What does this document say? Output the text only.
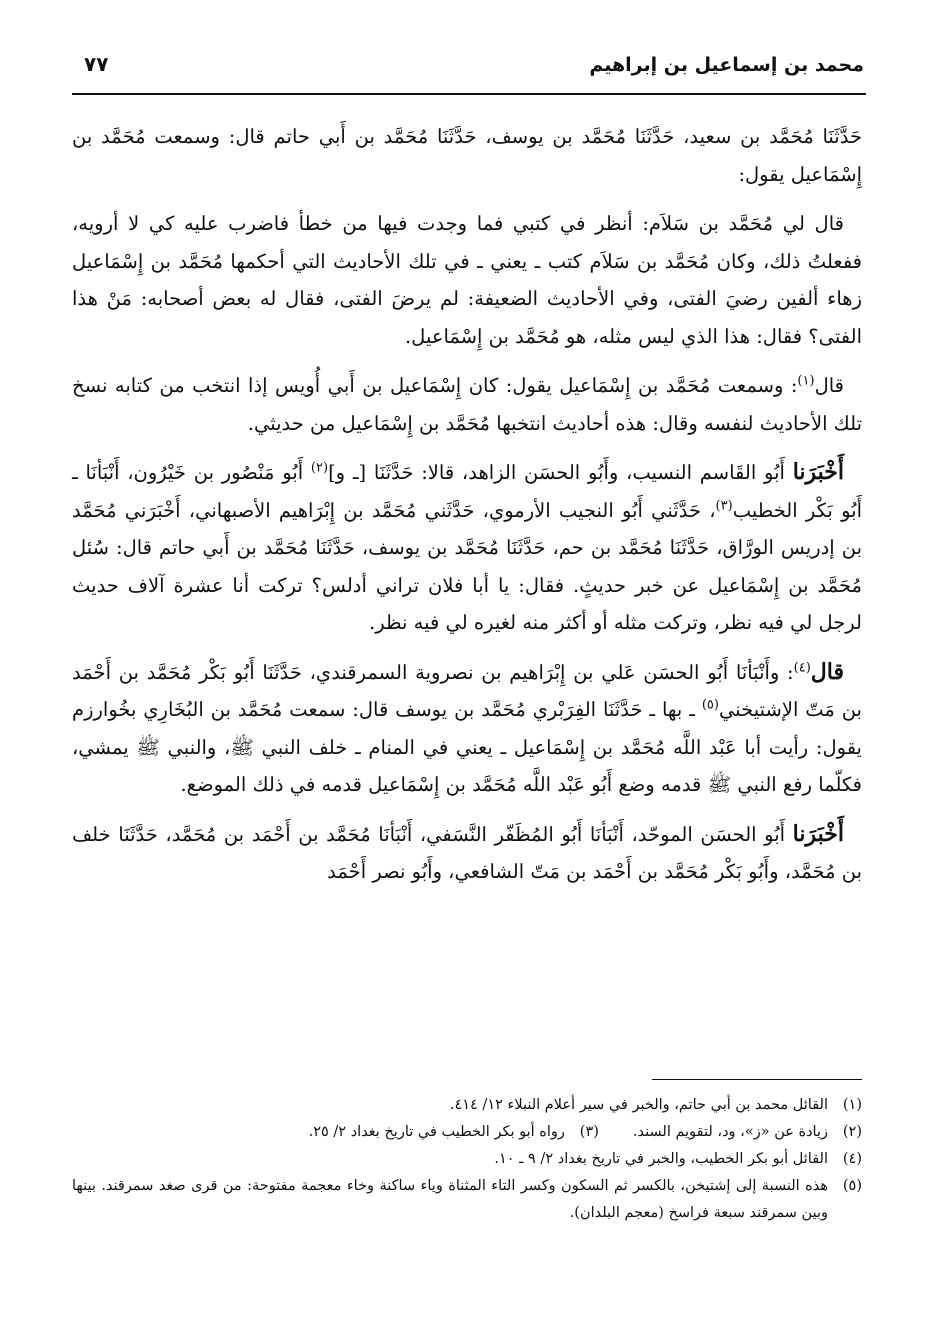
محمد بن إسماعيل بن إبراهيم
٧٧

حَدَّثَنَا مُحَمَّد بن سعيد، حَدَّثَنَا مُحَمَّد بن يوسف، حَدَّثَنَا مُحَمَّد بن أَبي حاتم قال: وسمعت مُحَمَّد بن إِسْمَاعيل يقول:

قال لي مُحَمَّد بن سَلاَم: أنظر في كتبي فما وجدت فيها من خطأ فاضرب عليه كي لا أرويه، ففعلتُ ذلك، وكان مُحَمَّد بن سَلاَم كتب ـ يعني ـ في تلك الأحاديث التي أحكمها مُحَمَّد بن إِسْمَاعيل زهاء ألفين رضيَ الفتى، وفي الأحاديث الضعيفة: لم يرضَ الفتى، فقال له بعض أصحابه: مَنْ هذا الفتى؟ فقال: هذا الذي ليس مثله، هو مُحَمَّد بن إِسْمَاعيل.

قال$^{(١)}$: وسمعت مُحَمَّد بن إِسْمَاعيل يقول: كان إِسْمَاعيل بن أَبي أُويس إذا انتخب من كتابه نسخ تلك الأحاديث لنفسه وقال: هذه أحاديث انتخبها مُحَمَّد بن إِسْمَاعيل من حديثي.

أَخْبَرَنا أَبُو القَاسم النسيب، وأَبُو الحسَن الزاهد، قالا: حَدَّثَنَا [ـ و]$^{(٢)}$ أَبُو مَنْصُور بن خَيْرُون، أَنْبَأنَا ـ أَبُو بَكْر الخطيب$^{(٣)}$، حَدَّثَني أَبُو النجيب الأرموي، حَدَّثَني مُحَمَّد بن إِبْرَاهيم الأصبهاني، أَخْبَرَني مُحَمَّد بن إدريس الورَّاق، حَدَّثَنَا مُحَمَّد بن حم، حَدَّثَنَا مُحَمَّد بن يوسف، حَدَّثَنَا مُحَمَّد بن أَبي حاتم قال: سُئل مُحَمَّد بن إِسْمَاعيل عن خبر حديثٍ. فقال: يا أبا فلان تراني أدلس؟ تركت أنا عشرة آلاف حديث لرجل لي فيه نظر، وتركت مثله أو أكثر منه لغيره لي فيه نظر.

قال$^{(٤)}$: وأَنْبَأنَا أَبُو الحسَن عَلي بن إِبْرَاهيم بن نصروية السمرقندي، حَدَّثَنَا أَبُو بَكْر مُحَمَّد بن أَحْمَد بن مَتّ الإشتيخني$^{(٥)}$ ـ بها ـ حَدَّثَنَا الفِرَبْري مُحَمَّد بن يوسف قال: سمعت مُحَمَّد بن البُخَارِي بخُوارزم يقول: رأيت أبا عَبْد اللَّه مُحَمَّد بن إِسْمَاعيل ـ يعني في المنام ـ خلف النبي ﷺ، والنبي ﷺ يمشي، فكلّما رفع النبي ﷺ قدمه وضع أَبُو عَبْد اللَّه مُحَمَّد بن إِسْمَاعيل قدمه في ذلك الموضع.

أَخْبَرَنا أَبُو الحسَن الموحّد، أَنْبَأنَا أَبُو المُظَفّر النَّسَفي، أَنْبَأنَا مُحَمَّد بن أَحْمَد بن مُحَمَّد، حَدَّثَنَا خلف بن مُحَمَّد، وأَبُو بَكْر مُحَمَّد بن أَحْمَد بن مَتّ الشافعي، وأَبُو نصر أَحْمَد

(١)
القائل محمد بن أبي حاتم، والخبر في سير أعلام النبلاء ١٢/ ٤١٤.
(٢)
زيادة عن «ز»، ود، لتقويم السند.
(٣)
رواه أبو بكر الخطيب في تاريخ بغداد ٢/ ٢٥.
(٤)
القائل أبو بكر الخطيب، والخبر في تاريخ بغداد ٢/ ٩ ـ ١٠.
(٥)
هذه النسبة إلى إشتيخن، بالكسر ثم السكون وكسر التاء المثناة وياء ساكنة وخاء معجمة مفتوحة: من قرى صغد سمرقند. بينها وبين سمرقند سبعة فراسخ (معجم البلدان).
